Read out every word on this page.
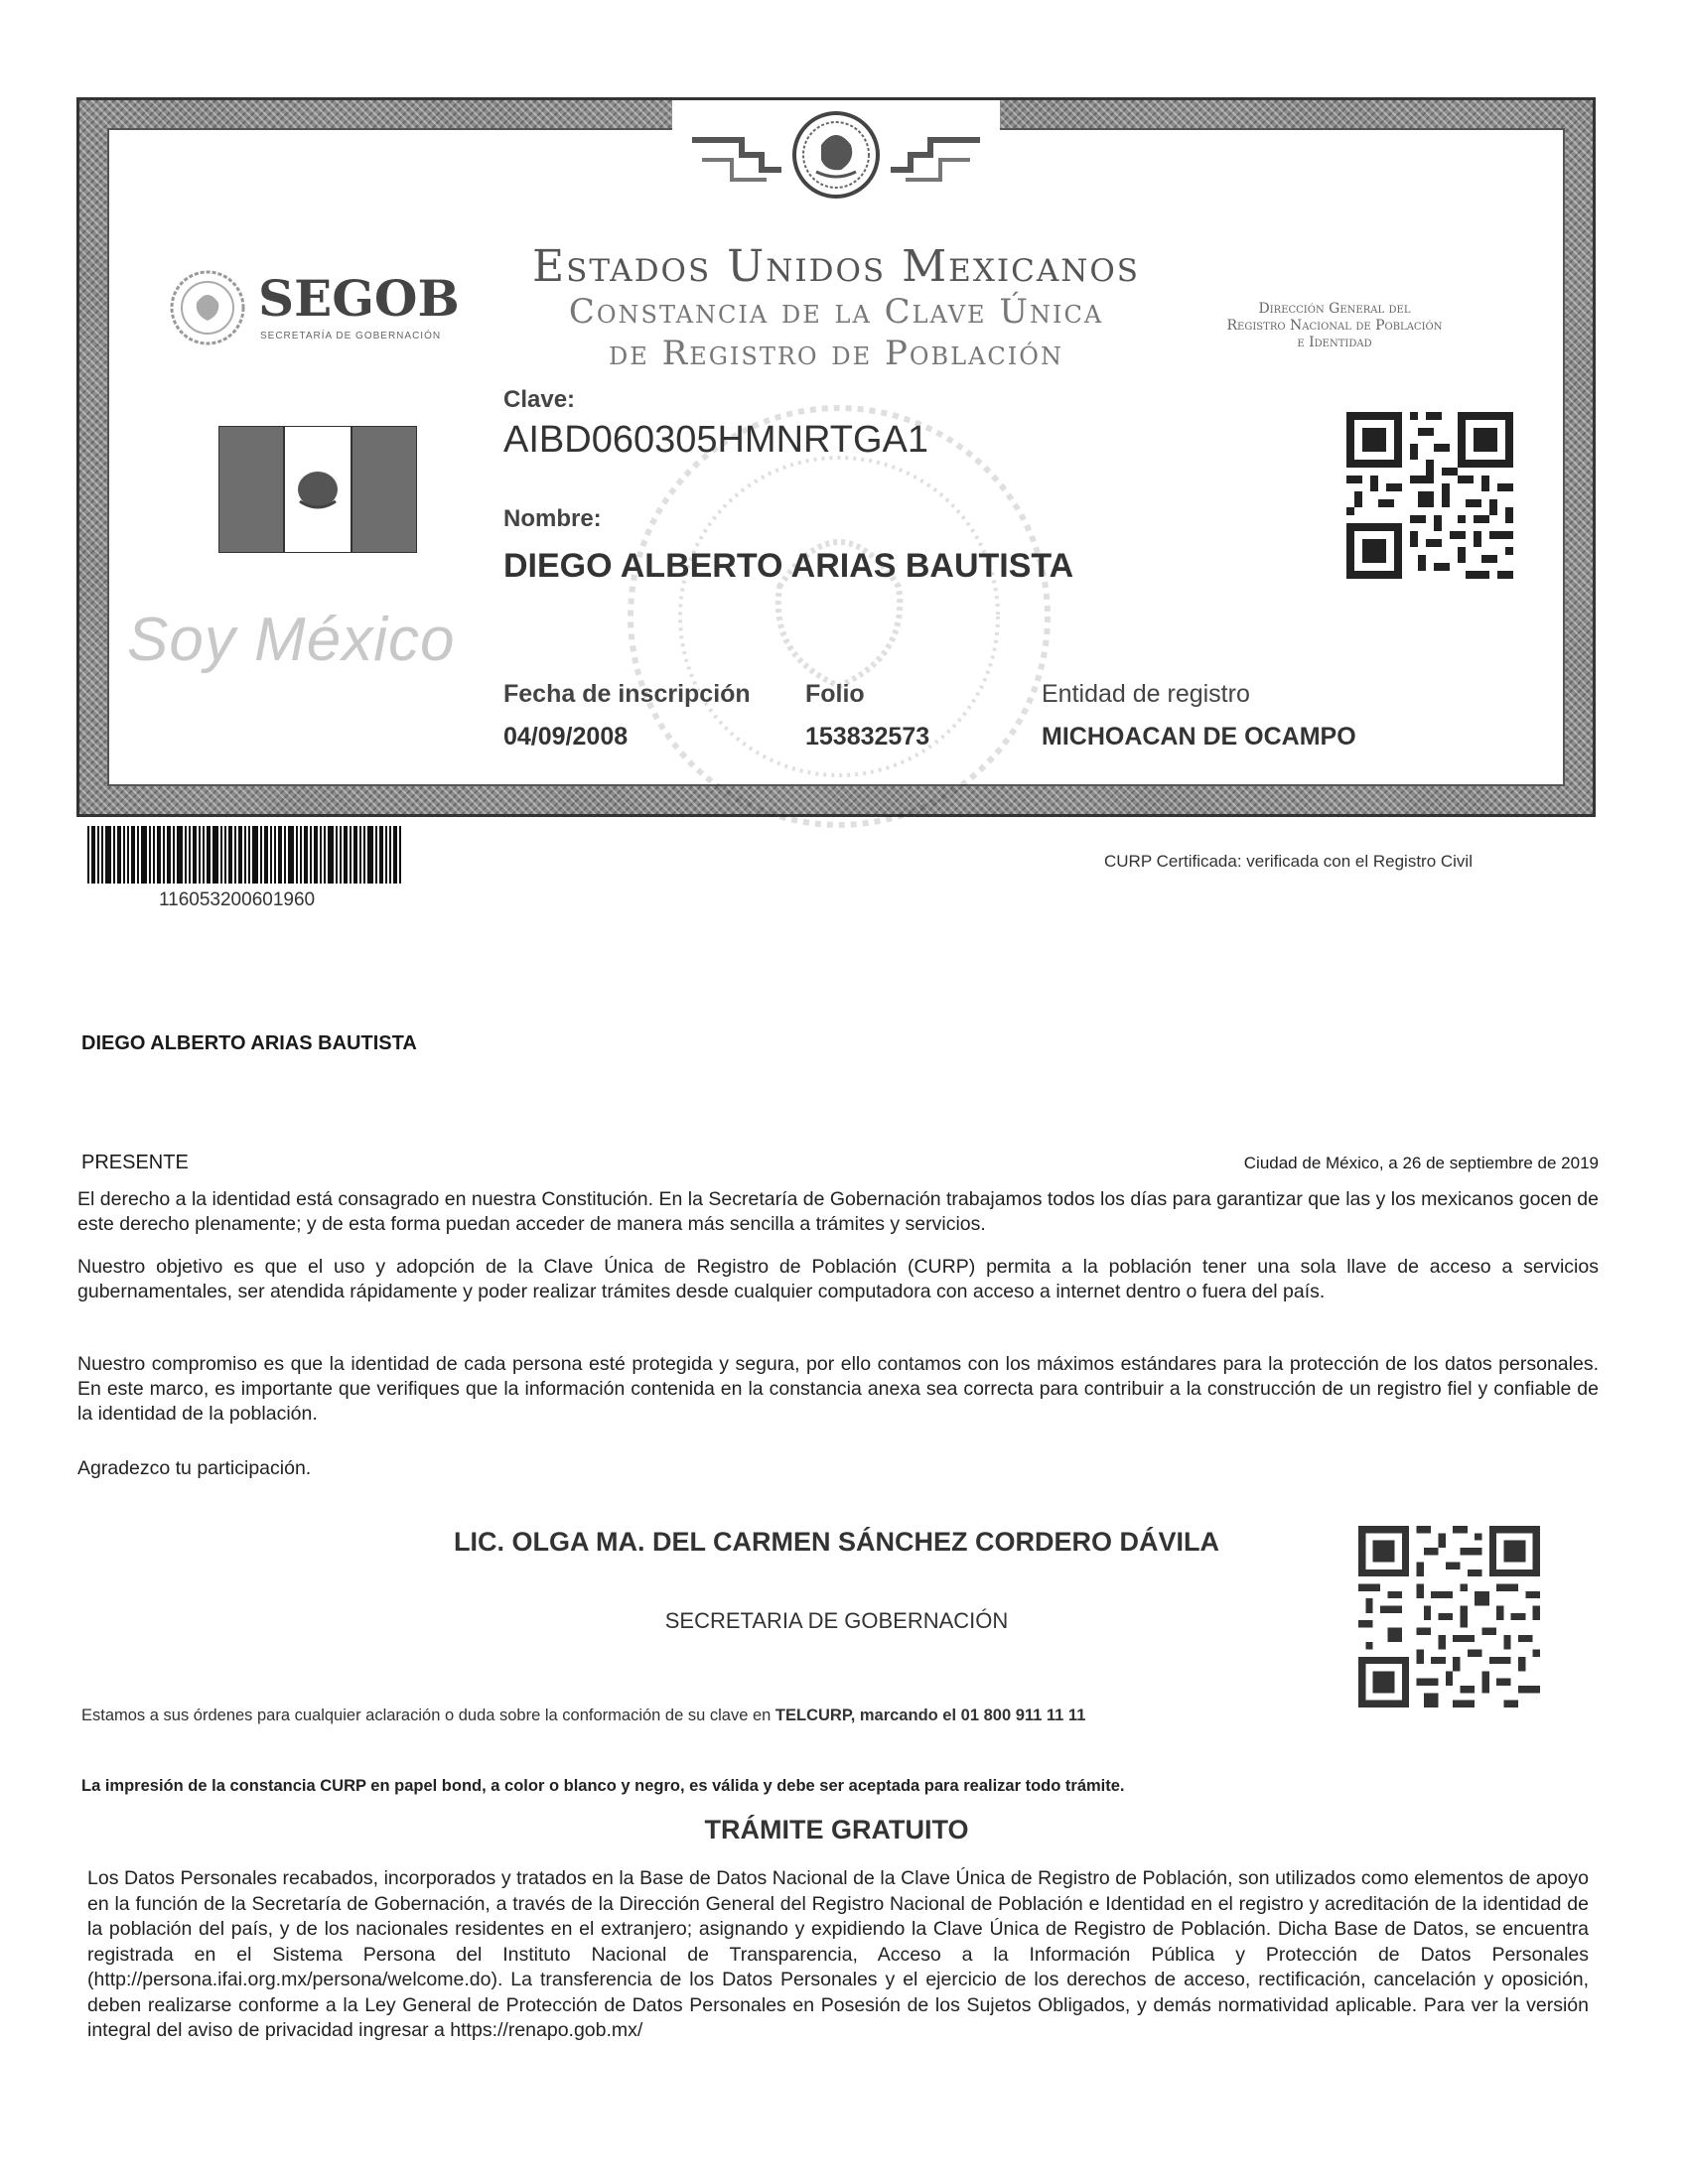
Estados Unidos Mexicanos
Constancia de la Clave Única
de Registro de Población
SEGOB
SECRETARÍA DE GOBERNACIÓN
Dirección General del
Registro Nacional de Población
e Identidad
Soy México
Clave:
AIBD060305HMNRTGA1
Nombre:
DIEGO ALBERTO ARIAS BAUTISTA
Fecha de inscripción
04/09/2008
Folio
153832573
Entidad de registro
MICHOACAN DE OCAMPO
116053200601960
CURP Certificada: verificada con el Registro Civil
DIEGO ALBERTO ARIAS BAUTISTA
PRESENTE	Ciudad de México, a 26 de septiembre de 2019
El derecho a la identidad está consagrado en nuestra Constitución. En la Secretaría de Gobernación trabajamos todos los días para garantizar que las y los mexicanos gocen de este derecho plenamente; y de esta forma puedan acceder de manera más sencilla a trámites y servicios.
Nuestro objetivo es que el uso y adopción de la Clave Única de Registro de Población (CURP) permita a la población tener una sola llave de acceso a servicios gubernamentales, ser atendida rápidamente y poder realizar trámites desde cualquier computadora con acceso a internet dentro o fuera del país.
Nuestro compromiso es que la identidad de cada persona esté protegida y segura, por ello contamos con los máximos estándares para la protección de los datos personales. En este marco, es importante que verifiques que la información contenida en la constancia anexa sea correcta para contribuir a la construcción de un registro fiel y confiable de la identidad de la población.
Agradezco tu participación.
LIC. OLGA MA. DEL CARMEN SÁNCHEZ CORDERO DÁVILA
SECRETARIA DE GOBERNACIÓN
Estamos a sus órdenes para cualquier aclaración o duda sobre la conformación de su clave en TELCURP, marcando el 01 800 911 11 11
La impresión de la constancia CURP en papel bond, a color o blanco y negro, es válida y debe ser aceptada para realizar todo trámite.
TRÁMITE GRATUITO
Los Datos Personales recabados, incorporados y tratados en la Base de Datos Nacional de la Clave Única de Registro de Población, son utilizados como elementos de apoyo en la función de la Secretaría de Gobernación, a través de la Dirección General del Registro Nacional de Población e Identidad en el registro y acreditación de la identidad de la población del país, y de los nacionales residentes en el extranjero; asignando y expidiendo la Clave Única de Registro de Población. Dicha Base de Datos, se encuentra registrada en el Sistema Persona del Instituto Nacional de Transparencia, Acceso a la Información Pública y Protección de Datos Personales (http://persona.ifai.org.mx/persona/welcome.do). La transferencia de los Datos Personales y el ejercicio de los derechos de acceso, rectificación, cancelación y oposición, deben realizarse conforme a la Ley General de Protección de Datos Personales en Posesión de los Sujetos Obligados, y demás normatividad aplicable. Para ver la versión integral del aviso de privacidad ingresar a https://renapo.gob.mx/
